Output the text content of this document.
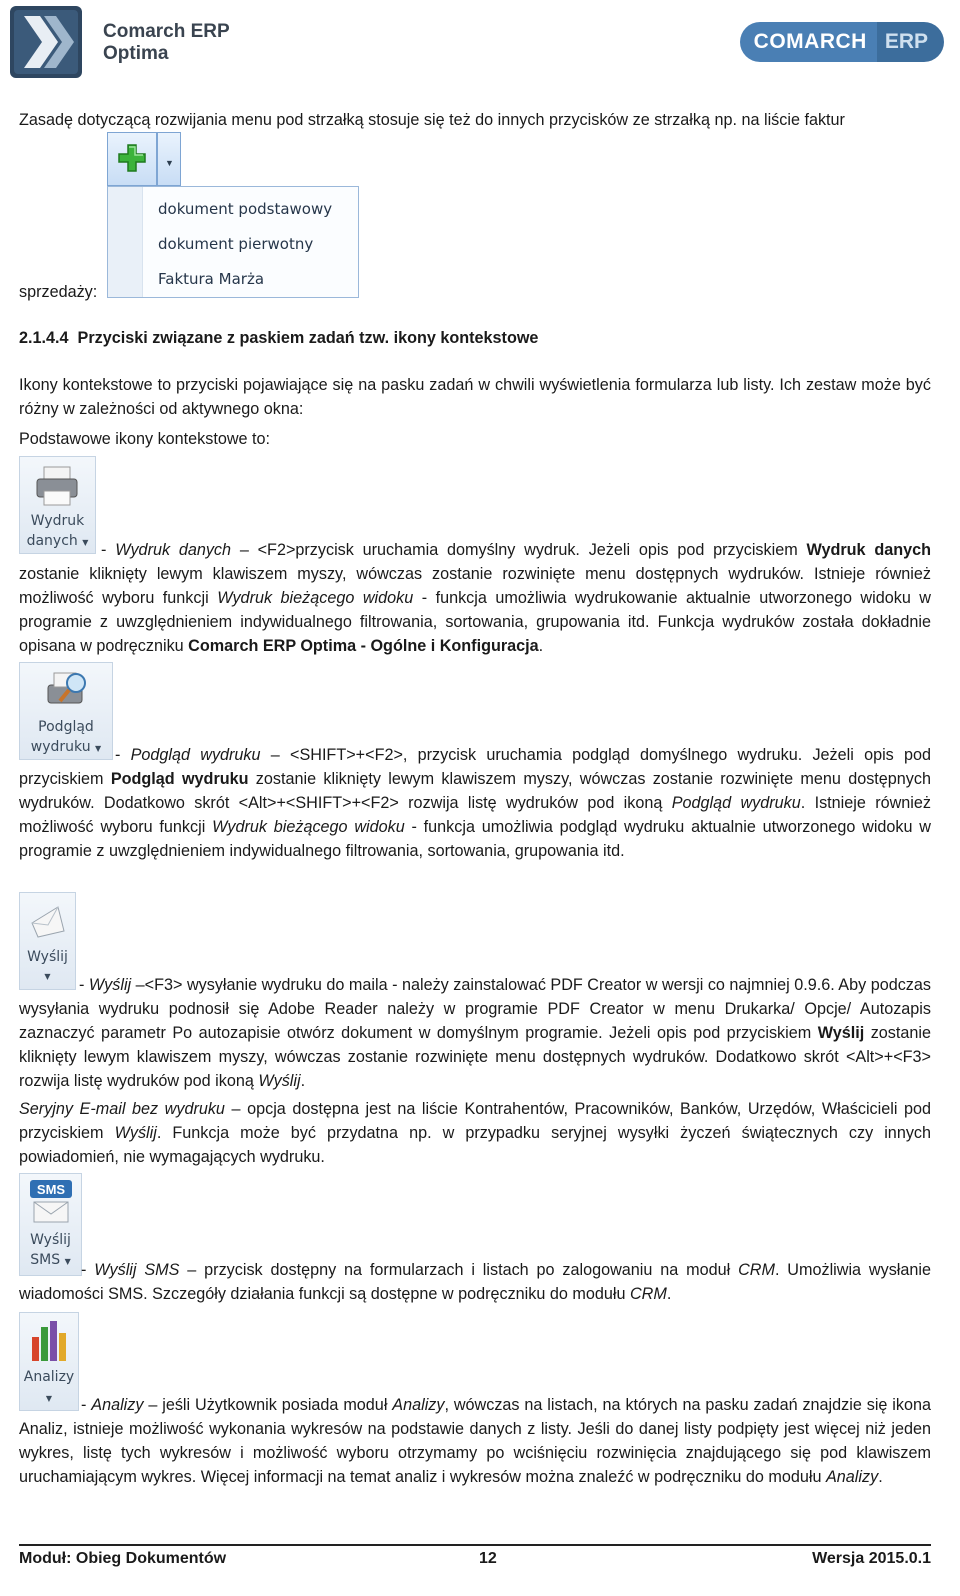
Comarch ERP
Optima
COMARCH ERP

Zasadę dotyczącą rozwijania menu pod strzałką stosuje się też do innych przycisków ze strzałką np. na liście faktur

sprzedaży:

▼
dokument podstawowy
dokument pierwotny
Faktura Marża

2.1.4.4 Przyciski związane z paskiem zadań tzw. ikony kontekstowe

Ikony kontekstowe to przyciski pojawiające się na pasku zadań w chwili wyświetlenia formularza lub listy. Ich zestaw może być różny w zależności od aktywnego okna:

Podstawowe ikony kontekstowe to:

Wydruk
danych ▼ - Wydruk danych – <F2>przycisk uruchamia domyślny wydruk. Jeżeli opis pod przyciskiem Wydruk danych zostanie kliknięty lewym klawiszem myszy, wówczas zostanie rozwinięte menu dostępnych wydruków. Istnieje również możliwość wyboru funkcji Wydruk bieżącego widoku - funkcja umożliwia wydrukowanie aktualnie utworzonego widoku w programie z uwzględnieniem indywidualnego filtrowania, sortowania, grupowania itd. Funkcja wydruków została dokładnie opisana w podręczniku Comarch ERP Optima - Ogólne i Konfiguracja.

Podgląd
wydruku ▼ - Podgląd wydruku – <SHIFT>+<F2>, przycisk uruchamia podgląd domyślnego wydruku. Jeżeli opis pod przyciskiem Podgląd wydruku zostanie kliknięty lewym klawiszem myszy, wówczas zostanie rozwinięte menu dostępnych wydruków. Dodatkowo skrót <Alt>+<SHIFT>+<F2> rozwija listę wydruków pod ikoną Podgląd wydruku. Istnieje również możliwość wyboru funkcji Wydruk bieżącego widoku - funkcja umożliwia podgląd wydruku aktualnie utworzonego widoku w programie z uwzględnieniem indywidualnego filtrowania, sortowania, grupowania itd.

Wyślij
▼	- Wyślij –<F3> wysyłanie wydruku do maila - należy zainstalować PDF Creator w wersji co najmniej 0.9.6. Aby podczas wysyłania wydruku podnosił się Adobe Reader należy w programie PDF Creator w menu Drukarka/ Opcje/ Autozapis zaznaczyć parametr Po autozapisie otwórz dokument w domyślnym programie. Jeżeli opis pod przyciskiem Wyślij zostanie kliknięty lewym klawiszem myszy, wówczas zostanie rozwinięte menu dostępnych wydruków. Dodatkowo skrót <Alt>+<F3> rozwija listę wydruków pod ikoną Wyślij.

Seryjny E-mail bez wydruku – opcja dostępna jest na liście Kontrahentów, Pracowników, Banków, Urzędów, Właścicieli pod przyciskiem Wyślij. Funkcja może być przydatna np. w przypadku seryjnej wysyłki życzeń świątecznych czy innych powiadomień, nie wymagających wydruku.

SMS
Wyślij
SMS ▼ - Wyślij SMS – przycisk dostępny na formularzach i listach po zalogowaniu na moduł CRM. Umożliwia wysłanie wiadomości SMS. Szczegóły działania funkcji są dostępne w podręczniku do modułu CRM.

Analizy
▼	- Analizy – jeśli Użytkownik posiada moduł Analizy, wówczas na listach, na których na pasku zadań znajdzie się ikona Analiz, istnieje możliwość wykonania wykresów na podstawie danych z listy. Jeśli do danej listy podpięty jest więcej niż jeden wykres, listę tych wykresów i możliwość wyboru otrzymamy po wciśnięciu rozwinięcia znajdującego się pod klawiszem uruchamiającym wykres. Więcej informacji na temat analiz i wykresów można znaleźć w podręczniku do modułu Analizy.

Moduł: Obieg Dokumentów	12	Wersja 2015.0.1
